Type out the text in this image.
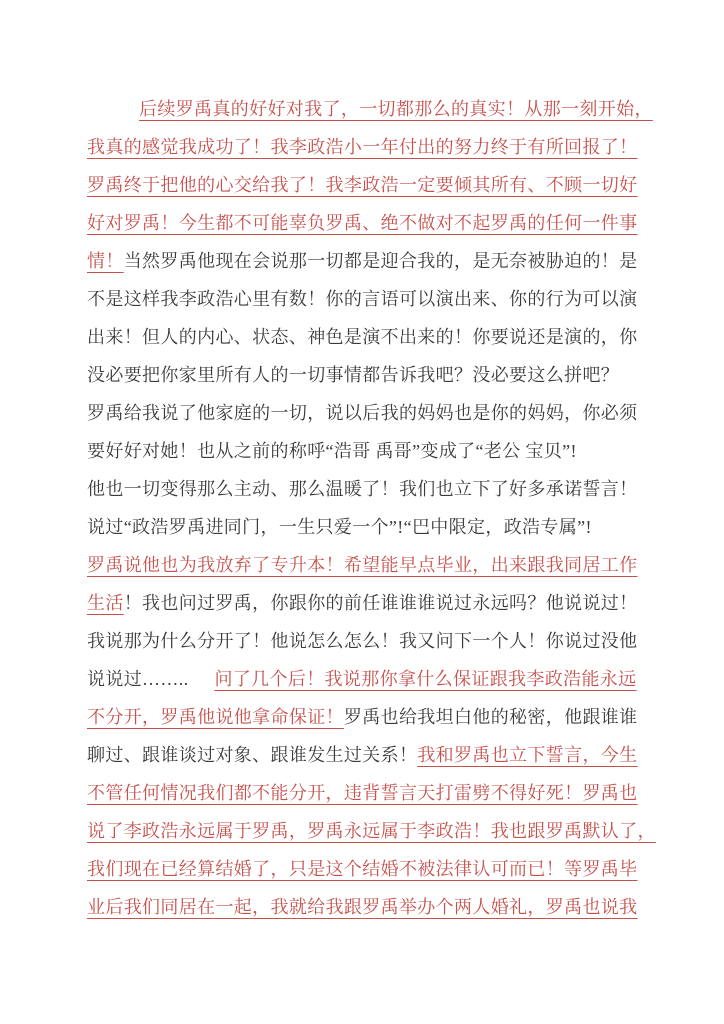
后续罗禹真的好好对我了，一切都那么的真实！从那一刻开始，
我真的感觉我成功了！我李政浩小一年付出的努力终于有所回报了！
罗禹终于把他的心交给我了！我李政浩一定要倾其所有、不顾一切好
好对罗禹！今生都不可能辜负罗禹、绝不做对不起罗禹的任何一件事
情！当然罗禹他现在会说那一切都是迎合我的，是无奈被胁迫的！是
不是这样我李政浩心里有数！你的言语可以演出来、你的行为可以演
出来！但人的内心、状态、神色是演不出来的！你要说还是演的，你
没必要把你家里所有人的一切事情都告诉我吧？没必要这么拼吧？
罗禹给我说了他家庭的一切，说以后我的妈妈也是你的妈妈，你必须
要好好对她！也从之前的称呼“浩哥 禹哥”变成了“老公 宝贝”!
他也一切变得那么主动、那么温暖了！我们也立下了好多承诺誓言！
说过“政浩罗禹进同门，一生只爱一个”!“巴中限定，政浩专属”!
罗禹说他也为我放弃了专升本！希望能早点毕业，出来跟我同居工作
生活！我也问过罗禹，你跟你的前任谁谁谁说过永远吗？他说说过！
我说那为什么分开了！他说怎么怎么！我又问下一个人！你说过没他
说说过…….. 问了几个后！我说那你拿什么保证跟我李政浩能永远
不分开，罗禹他说他拿命保证！罗禹也给我坦白他的秘密，他跟谁谁
聊过、跟谁谈过对象、跟谁发生过关系！我和罗禹也立下誓言，今生
不管任何情况我们都不能分开，违背誓言天打雷劈不得好死！罗禹也
说了李政浩永远属于罗禹，罗禹永远属于李政浩！我也跟罗禹默认了，
我们现在已经算结婚了，只是这个结婚不被法律认可而已！等罗禹毕
业后我们同居在一起，我就给我跟罗禹举办个两人婚礼，罗禹也说我
